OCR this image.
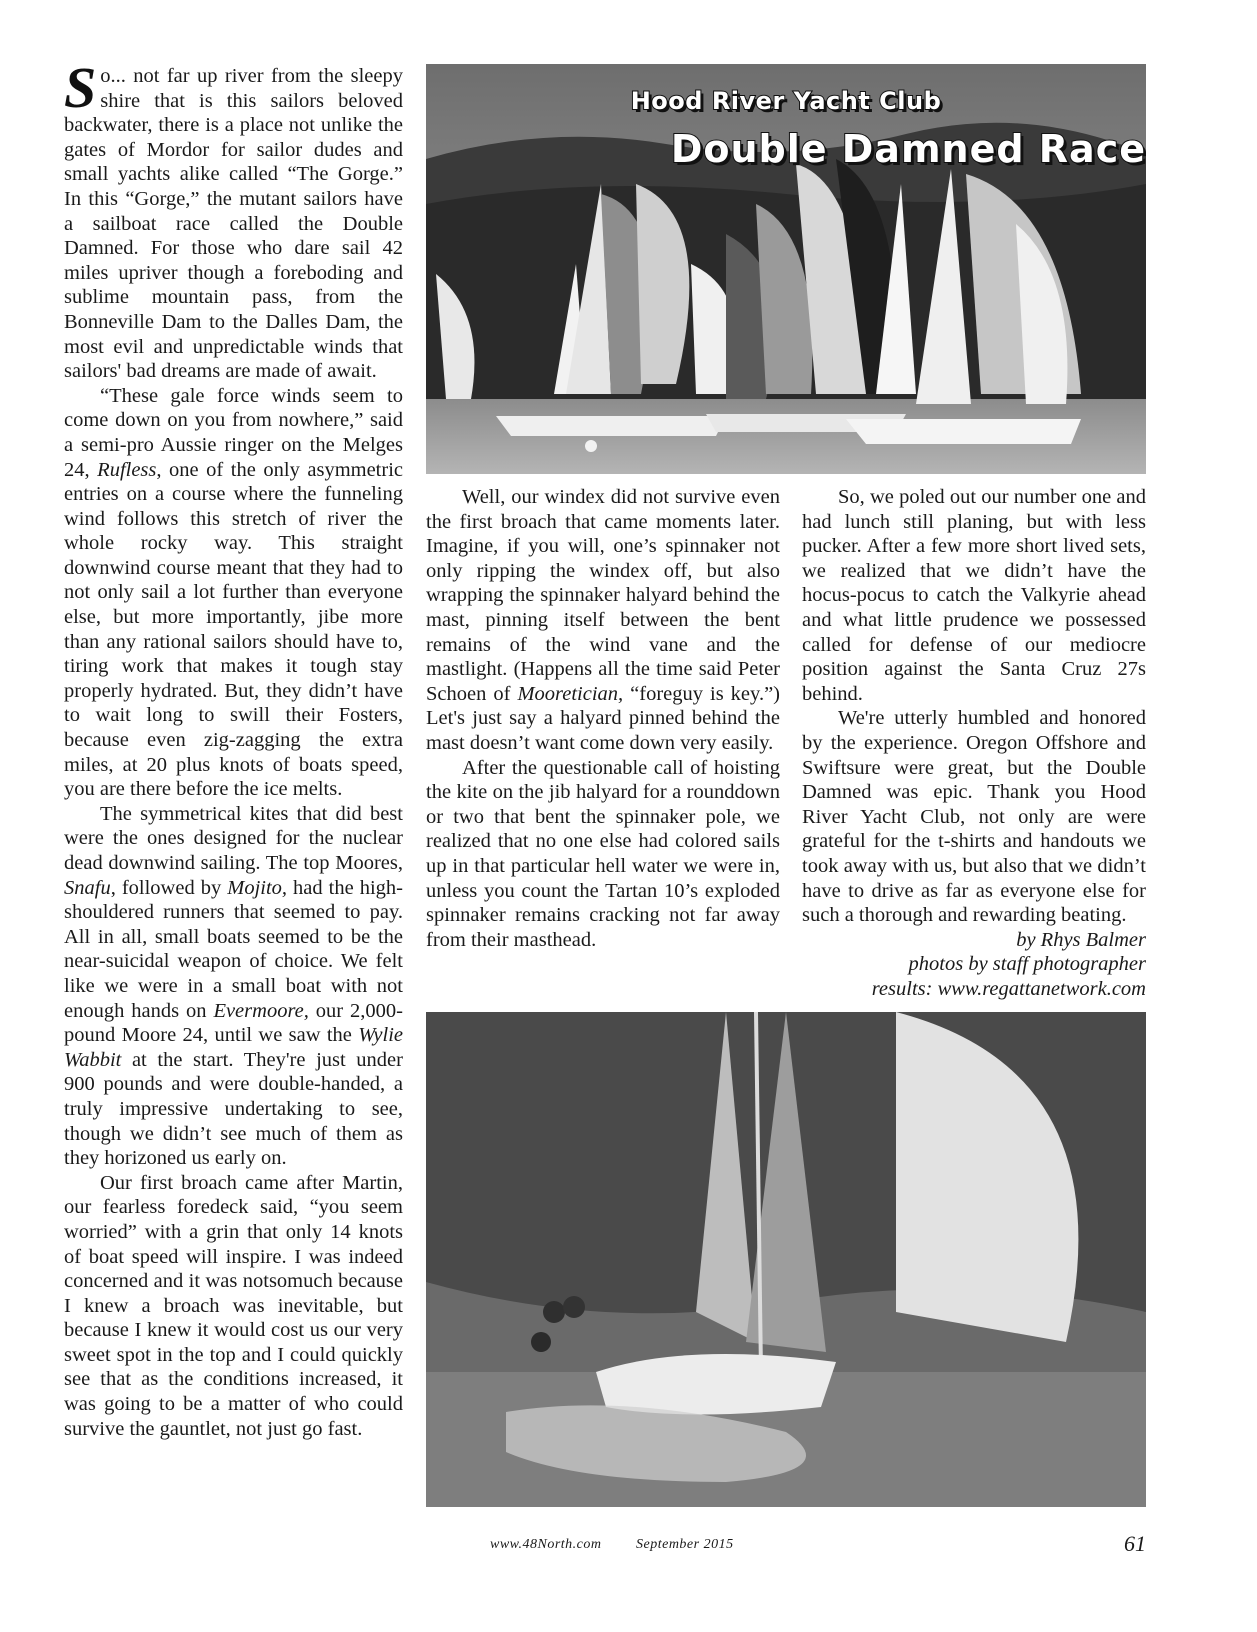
So... not far up river from the sleepy shire that is this sailors beloved backwater, there is a place not unlike the gates of Mordor for sailor dudes and small yachts alike called “The Gorge.” In this “Gorge,” the mutant sailors have a sailboat race called the Double Damned. For those who dare sail 42 miles upriver though a foreboding and sublime mountain pass, from the Bonneville Dam to the Dalles Dam, the most evil and unpredictable winds that sailors' bad dreams are made of await.

“These gale force winds seem to come down on you from nowhere,” said a semi-pro Aussie ringer on the Melges 24, Rufless, one of the only asymmetric entries on a course where the funneling wind follows this stretch of river the whole rocky way. This straight downwind course meant that they had to not only sail a lot further than everyone else, but more importantly, jibe more than any rational sailors should have to, tiring work that makes it tough stay properly hydrated. But, they didn’t have to wait long to swill their Fosters, because even zig-zagging the extra miles, at 20 plus knots of boats speed, you are there before the ice melts.

The symmetrical kites that did best were the ones designed for the nuclear dead downwind sailing. The top Moores, Snafu, followed by Mojito, had the high-shouldered runners that seemed to pay. All in all, small boats seemed to be the near-suicidal weapon of choice. We felt like we were in a small boat with not enough hands on Evermoore, our 2,000-pound Moore 24, until we saw the Wylie Wabbit at the start. They're just under 900 pounds and were double-handed, a truly impressive undertaking to see, though we didn’t see much of them as they horizoned us early on.

Our first broach came after Martin, our fearless foredeck said, “you seem worried” with a grin that only 14 knots of boat speed will inspire. I was indeed concerned and it was notsomuch because I knew a broach was inevitable, but because I knew it would cost us our very sweet spot in the top and I could quickly see that as the conditions increased, it was going to be a matter of who could survive the gauntlet, not just go fast.

Hood River Yacht Club
Double Damned Race

Well, our windex did not survive even the first broach that came moments later. Imagine, if you will, one’s spinnaker not only ripping the windex off, but also wrapping the spinnaker halyard behind the mast, pinning itself between the bent remains of the wind vane and the mastlight. (Happens all the time said Peter Schoen of Mooretician, “foreguy is key.”) Let's just say a halyard pinned behind the mast doesn’t want come down very easily.

After the questionable call of hoisting the kite on the jib halyard for a rounddown or two that bent the spinnaker pole, we realized that no one else had colored sails up in that particular hell water we were in, unless you count the Tartan 10’s exploded spinnaker remains cracking not far away from their masthead.

So, we poled out our number one and had lunch still planing, but with less pucker. After a few more short lived sets, we realized that we didn’t have the hocus-pocus to catch the Valkyrie ahead and what little prudence we possessed called for defense of our mediocre position against the Santa Cruz 27s behind.

We're utterly humbled and honored by the experience. Oregon Offshore and Swiftsure were great, but the Double Damned was epic. Thank you Hood River Yacht Club, not only are were grateful for the t-shirts and handouts we took away with us, but also that we didn’t have to drive as far as everyone else for such a thorough and rewarding beating.

by Rhys Balmer
photos by staff photographer
results: www.regattanetwork.com
www.48North.com September 2015	61
